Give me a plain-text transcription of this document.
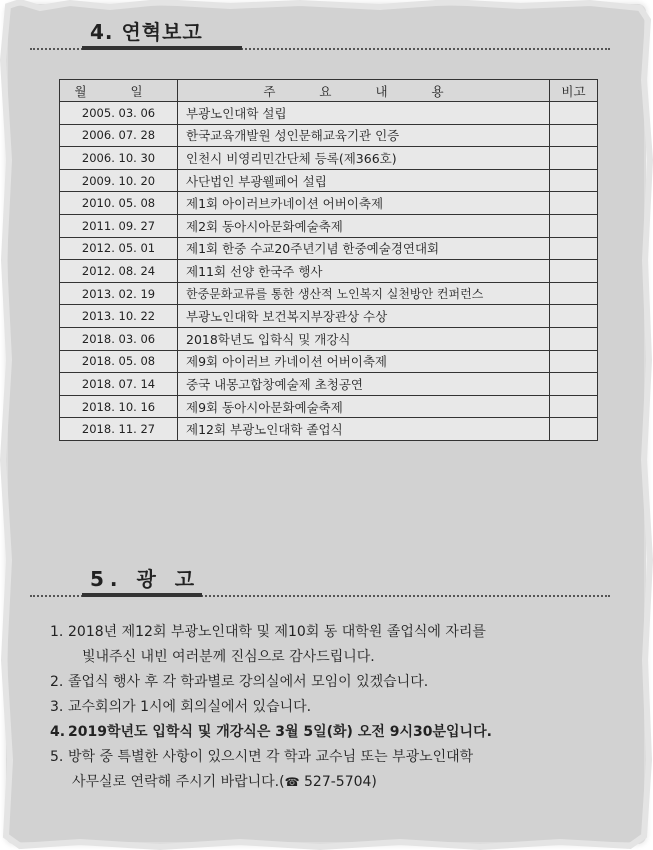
4. 연혁보고
월 일	주 요 내 용	비고
2005. 03. 06	부광노인대학 설립	
2006. 07. 28	한국교육개발원 성인문해교육기관 인증	
2006. 10. 30	인천시 비영리민간단체 등록(제366호)	
2009. 10. 20	사단법인 부광웰페어 설립	
2010. 05. 08	제1회 아이러브카네이션 어버이축제	
2011. 09. 27	제2회 동아시아문화예술축제	
2012. 05. 01	제1회 한중 수교20주년기념 한중예술경연대회	
2012. 08. 24	제11회 선양 한국주 행사	
2013. 02. 19	한중문화교류를 통한 생산적 노인복지 실천방안 컨퍼런스	
2013. 10. 22	부광노인대학 보건복지부장관상 수상	
2018. 03. 06	2018학년도 입학식 및 개강식	
2018. 05. 08	제9회 아이러브 카네이션 어버이축제	
2018. 07. 14	중국 내몽고합창예술제 초청공연	
2018. 10. 16	제9회 동아시아문화예술축제	
2018. 11. 27	제12회 부광노인대학 졸업식	
5. 광 고
1. 2018년 제12회 부광노인대학 및 제10회 동 대학원 졸업식에 자리를
빛내주신 내빈 여러분께 진심으로 감사드립니다.
2. 졸업식 행사 후 각 학과별로 강의실에서 모임이 있겠습니다.
3. 교수회의가 1시에 회의실에서 있습니다.
4. 2019학년도 입학식 및 개강식은 3월 5일(화) 오전 9시30분입니다.
5. 방학 중 특별한 사항이 있으시면 각 학과 교수님 또는 부광노인대학
사무실로 연락해 주시기 바랍니다.(☎ 527-5704)
